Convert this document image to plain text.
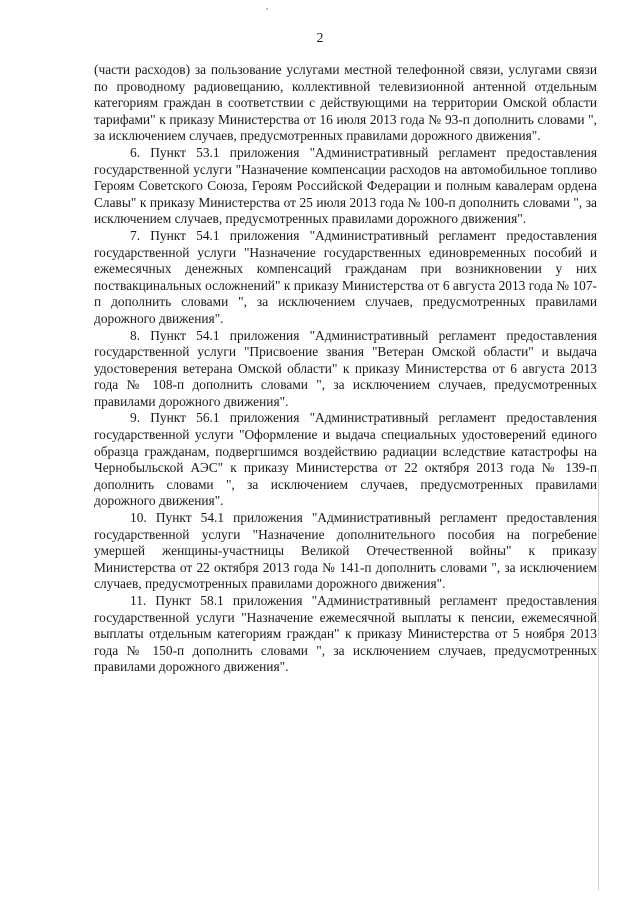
2

(части расходов) за пользование услугами местной телефонной связи, услугами связи по проводному радиовещанию, коллективной телевизионной антенной отдельным категориям граждан в соответствии с действующими на территории Омской области тарифами" к приказу Министерства от 16 июля 2013 года № 93-п дополнить словами ", за исключением случаев, предусмотренных правилами дорожного движения".

6. Пункт 53.1 приложения "Административный регламент предоставления государственной услуги "Назначение компенсации расходов на автомобильное топливо Героям Советского Союза, Героям Российской Федерации и полным кавалерам ордена Славы" к приказу Министерства от 25 июля 2013 года № 100-п дополнить словами ", за исключением случаев, предусмотренных правилами дорожного движения".

7. Пункт 54.1 приложения "Административный регламент предоставления государственной услуги "Назначение государственных единовременных пособий и ежемесячных денежных компенсаций гражданам при возникновении у них поствакцинальных осложнений" к приказу Министерства от 6 августа 2013 года № 107-п дополнить словами ", за исключением случаев, предусмотренных правилами дорожного движения".

8. Пункт 54.1 приложения "Административный регламент предоставления государственной услуги "Присвоение звания "Ветеран Омской области" и выдача удостоверения ветерана Омской области" к приказу Министерства от 6 августа 2013 года № 108-п дополнить словами ", за исключением случаев, предусмотренных правилами дорожного движения".

9. Пункт 56.1 приложения "Административный регламент предоставления государственной услуги "Оформление и выдача специальных удостоверений единого образца гражданам, подвергшимся воздействию радиации вследствие катастрофы на Чернобыльской АЭС" к приказу Министерства от 22 октября 2013 года № 139-п дополнить словами ", за исключением случаев, предусмотренных правилами дорожного движения".

10. Пункт 54.1 приложения "Административный регламент предоставления государственной услуги "Назначение дополнительного пособия на погребение умершей женщины-участницы Великой Отечественной войны" к приказу Министерства от 22 октября 2013 года № 141-п дополнить словами ", за исключением случаев, предусмотренных правилами дорожного движения".

11. Пункт 58.1 приложения "Административный регламент предоставления государственной услуги "Назначение ежемесячной выплаты к пенсии, ежемесячной выплаты отдельным категориям граждан" к приказу Министерства от 5 ноября 2013 года № 150-п дополнить словами ", за исключением случаев, предусмотренных правилами дорожного движения".
